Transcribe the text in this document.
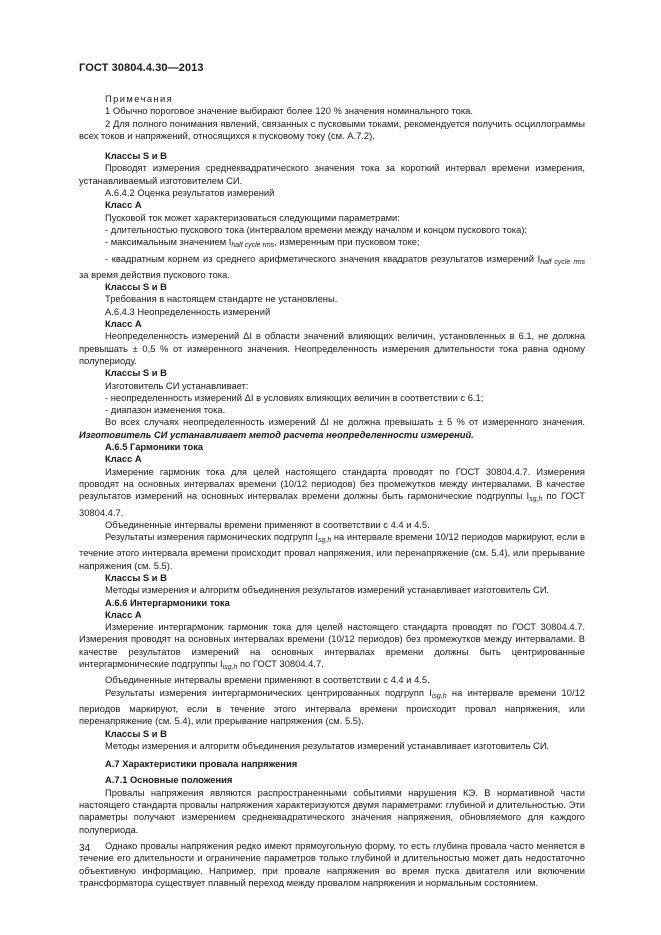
ГОСТ 30804.4.30—2013

Примечания

1 Обычно пороговое значение выбирают более 120 % значения номинального тока.

2 Для полного понимания явлений, связанных с пусковыми токами, рекомендуется получить осциллограммы всех токов и напряжений, относящихся к пусковому току (см. А.7.2).

Классы S и В

Проводят измерения среднеквадратического значения тока за короткий интервал времени измерения, устанавливаемый изготовителем СИ.

А.6.4.2 Оценка результатов измерений

Класс А

Пусковой ток может характеризоваться следующими параметрами:

- длительностью пускового тока (интервалом времени между началом и концом пускового тока);

- максимальным значением $I_{half cycle rms}$, измеренным при пусковом токе;

- квадратным корнем из среднего арифметического значения квадратов результатов измерений $I_{half cycle rms}$ за время действия пускового тока.

Классы S и В

Требования в настоящем стандарте не установлены.

А.6.4.3 Неопределенность измерений

Класс А

Неопределенность измерений ΔI в области значений влияющих величин, установленных в 6.1, не должна превышать ± 0,5 % от измеренного значения. Неопределенность измерения длительности тока равна одному полупериоду.

Классы S и В

Изготовитель СИ устанавливает:

- неопределенность измерений ΔI в условиях влияющих величин в соответствии с 6.1;

- диапазон изменения тока.

Во всех случаях неопределенность измерений ΔI не должна превышать ± 5 % от измеренного значения. Изготовитель СИ устанавливает метод расчета неопределенности измерений.

А.6.5 Гармоники тока

Класс А

Измерение гармоник тока для целей настоящего стандарта проводят по ГОСТ 30804.4.7. Измерения проводят на основных интервалах времени (10/12 периодов) без промежутков между интервалами. В качестве результатов измерений на основных интервалах времени должны быть гармонические подгруппы $I_{sg,h}$ по ГОСТ 30804.4.7.

Объединенные интервалы времени применяют в соответствии с 4.4 и 4.5.

Результаты измерения гармонических подгрупп $I_{sg,h}$ на интервале времени 10/12 периодов маркируют, если в течение этого интервала времени происходит провал напряжения, или перенапряжение (см. 5.4), или прерывание напряжения (см. 5.5).

Классы S и В

Методы измерения и алгоритм объединения результатов измерений устанавливает изготовитель СИ.

А.6.6 Интергармоники тока

Класс А

Измерение интергармоник гармоник тока для целей настоящего стандарта проводят по ГОСТ 30804.4.7. Измерения проводят на основных интервалах времени (10/12 периодов) без промежутков между интервалами. В качестве результатов измерений на основных интервалах времени должны быть центрированные интергармонические подгруппы $I_{isg,h}$ по ГОСТ 30804.4.7.

Объединенные интервалы времени применяют в соответствии с 4.4 и 4.5.

Результаты измерения интергармонических центрированных подгрупп $I_{isg,h}$ на интервале времени 10/12 периодов маркируют, если в течение этого интервала времени происходит провал напряжения, или перенапряжение (см. 5.4), или прерывание напряжения (см. 5.5).

Классы S и В

Методы измерения и алгоритм объединения результатов измерений устанавливает изготовитель СИ.

А.7 Характеристики провала напряжения

А.7.1 Основные положения

Провалы напряжения являются распространенными событиями нарушения КЭ. В нормативной части настоящего стандарта провалы напряжения характеризуются двумя параметрами: глубиной и длительностью. Эти параметры получают измерением среднеквадратического значения напряжения, обновляемого для каждого полупериода.

Однако провалы напряжения редко имеют прямоугольную форму, то есть глубина провала часто меняется в течение его длительности и ограничение параметров только глубиной и длительностью может дать недостаточно объективную информацию. Например, при провале напряжения во время пуска двигателя или включении трансформатора существует плавный переход между провалом напряжения и нормальным состоянием.

34
